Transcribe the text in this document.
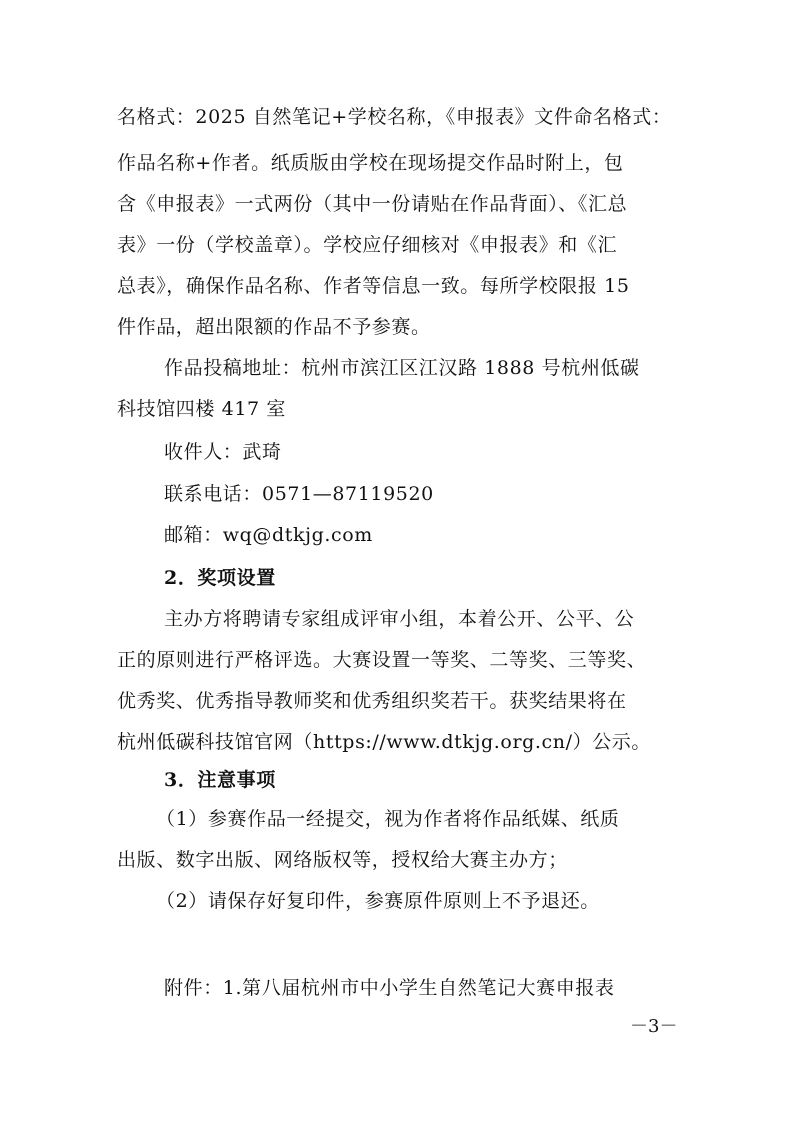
名格式：2025 自然笔记+学校名称，《申报表》文件命名格式：
作品名称+作者。纸质版由学校在现场提交作品时附上，包
含《申报表》一式两份（其中一份请贴在作品背面）、《汇总
表》一份（学校盖章）。学校应仔细核对《申报表》和《汇
总表》，确保作品名称、作者等信息一致。每所学校限报 15
件作品，超出限额的作品不予参赛。
作品投稿地址：杭州市滨江区江汉路 1888 号杭州低碳
科技馆四楼 417 室
收件人：武琦
联系电话：0571—87119520
邮箱：wq@dtkjg.com
2．奖项设置
主办方将聘请专家组成评审小组，本着公开、公平、公
正的原则进行严格评选。大赛设置一等奖、二等奖、三等奖、
优秀奖、优秀指导教师奖和优秀组织奖若干。获奖结果将在
杭州低碳科技馆官网（https://www.dtkjg.org.cn/）公示。
3．注意事项
（1）参赛作品一经提交，视为作者将作品纸媒、纸质
出版、数字出版、网络版权等，授权给大赛主办方；
（2）请保存好复印件，参赛原件原则上不予退还。
附件：1.第八届杭州市中小学生自然笔记大赛申报表
－3－
